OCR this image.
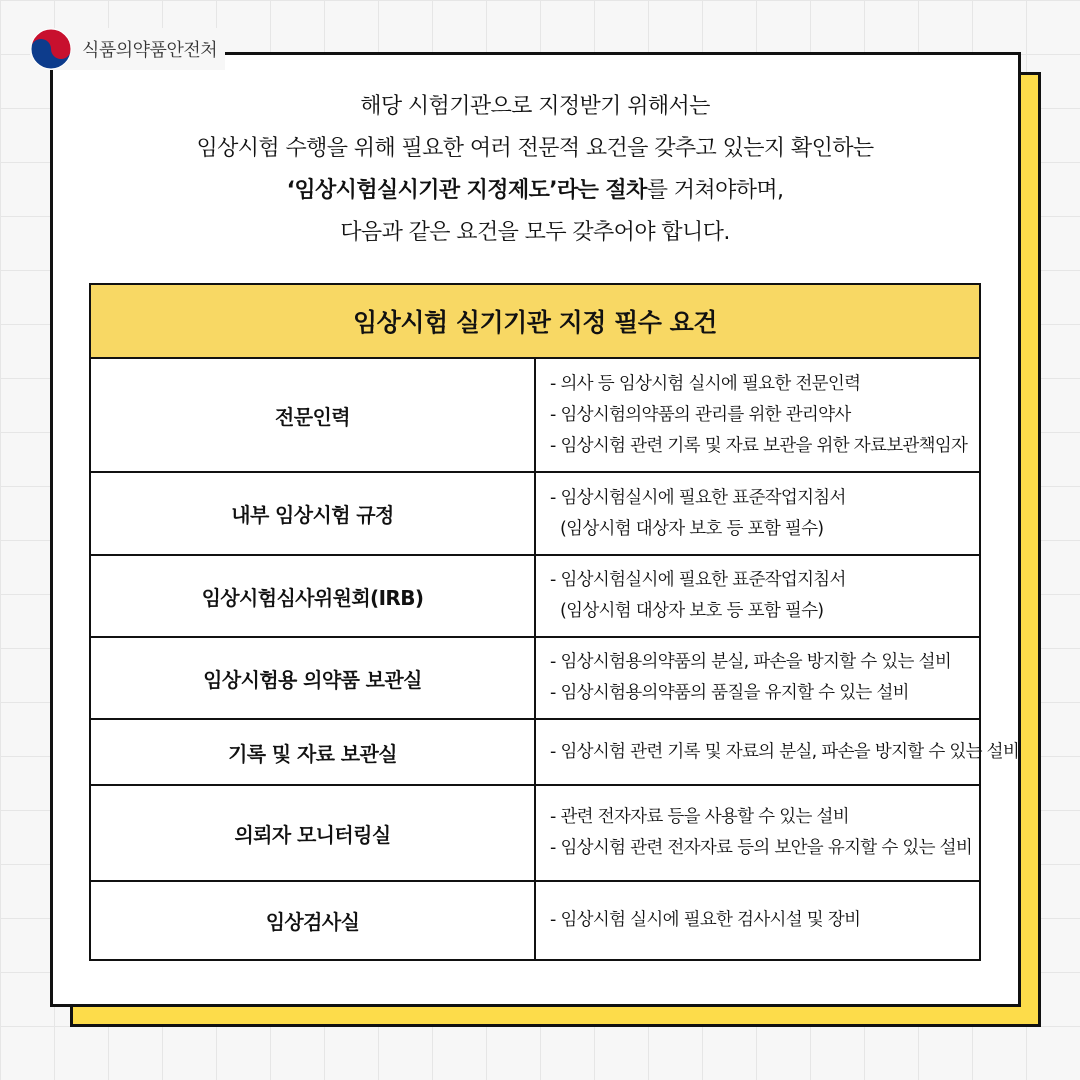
식품의약품안전처

해당 시험기관으로 지정받기 위해서는

임상시험 수행을 위해 필요한 여러 전문적 요건을 갖추고 있는지 확인하는

‘임상시험실시기관 지정제도’라는 절차를 거쳐야하며,

다음과 같은 요건을 모두 갖추어야 합니다.

임상시험 실기기관 지정 필수 요건	
전문인력	- 의사 등 임상시험 실시에 필요한 전문인력
- 임상시험의약품의 관리를 위한 관리약사
- 임상시험 관련 기록 및 자료 보관을 위한 자료보관책임자

내부 임상시험 규정	- 임상시험실시에 필요한 표준작업지침서
(임상시험 대상자 보호 등 포함 필수)

임상시험심사위원회(IRB)	- 임상시험실시에 필요한 표준작업지침서
(임상시험 대상자 보호 등 포함 필수)

임상시험용 의약품 보관실	- 임상시험용의약품의 분실, 파손을 방지할 수 있는 설비
- 임상시험용의약품의 품질을 유지할 수 있는 설비

기록 및 자료 보관실	- 임상시험 관련 기록 및 자료의 분실, 파손을 방지할 수 있는 설비

의뢰자 모니터링실	- 관련 전자자료 등을 사용할 수 있는 설비
- 임상시험 관련 전자자료 등의 보안을 유지할 수 있는 설비

임상검사실	- 임상시험 실시에 필요한 검사시설 및 장비
